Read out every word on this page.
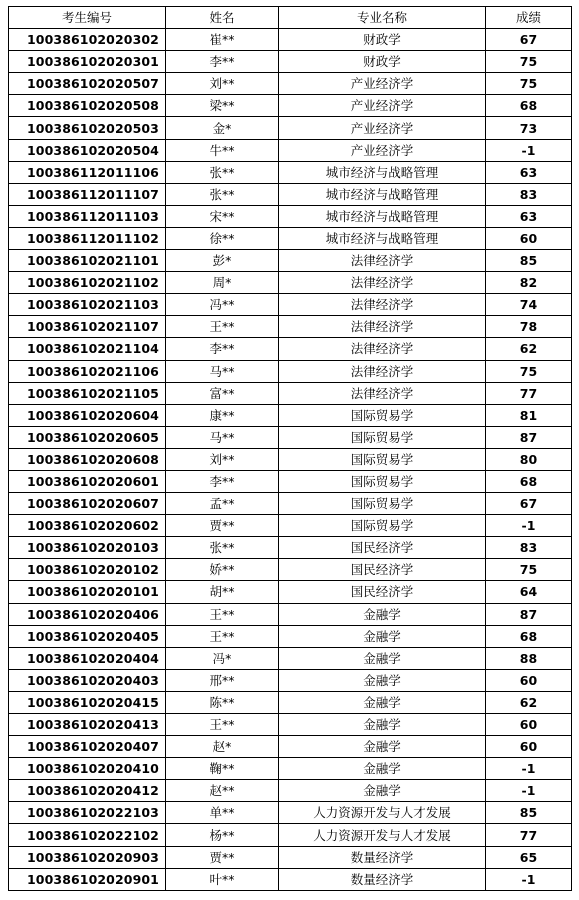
考生编号	姓名	专业名称	成绩
100386102020302	崔**	财政学	67
100386102020301	李**	财政学	75
100386102020507	刘**	产业经济学	75
100386102020508	梁**	产业经济学	68
100386102020503	金*	产业经济学	73
100386102020504	牛**	产业经济学	-1
100386112011106	张**	城市经济与战略管理	63
100386112011107	张**	城市经济与战略管理	83
100386112011103	宋**	城市经济与战略管理	63
100386112011102	徐**	城市经济与战略管理	60
100386102021101	彭*	法律经济学	85
100386102021102	周*	法律经济学	82
100386102021103	冯**	法律经济学	74
100386102021107	王**	法律经济学	78
100386102021104	李**	法律经济学	62
100386102021106	马**	法律经济学	75
100386102021105	富**	法律经济学	77
100386102020604	康**	国际贸易学	81
100386102020605	马**	国际贸易学	87
100386102020608	刘**	国际贸易学	80
100386102020601	李**	国际贸易学	68
100386102020607	孟**	国际贸易学	67
100386102020602	贾**	国际贸易学	-1
100386102020103	张**	国民经济学	83
100386102020102	娇**	国民经济学	75
100386102020101	胡**	国民经济学	64
100386102020406	王**	金融学	87
100386102020405	王**	金融学	68
100386102020404	冯*	金融学	88
100386102020403	邢**	金融学	60
100386102020415	陈**	金融学	62
100386102020413	王**	金融学	60
100386102020407	赵*	金融学	60
100386102020410	鞠**	金融学	-1
100386102020412	赵**	金融学	-1
100386102022103	单**	人力资源开发与人才发展	85
100386102022102	杨**	人力资源开发与人才发展	77
100386102020903	贾**	数量经济学	65
100386102020901	叶**	数量经济学	-1
